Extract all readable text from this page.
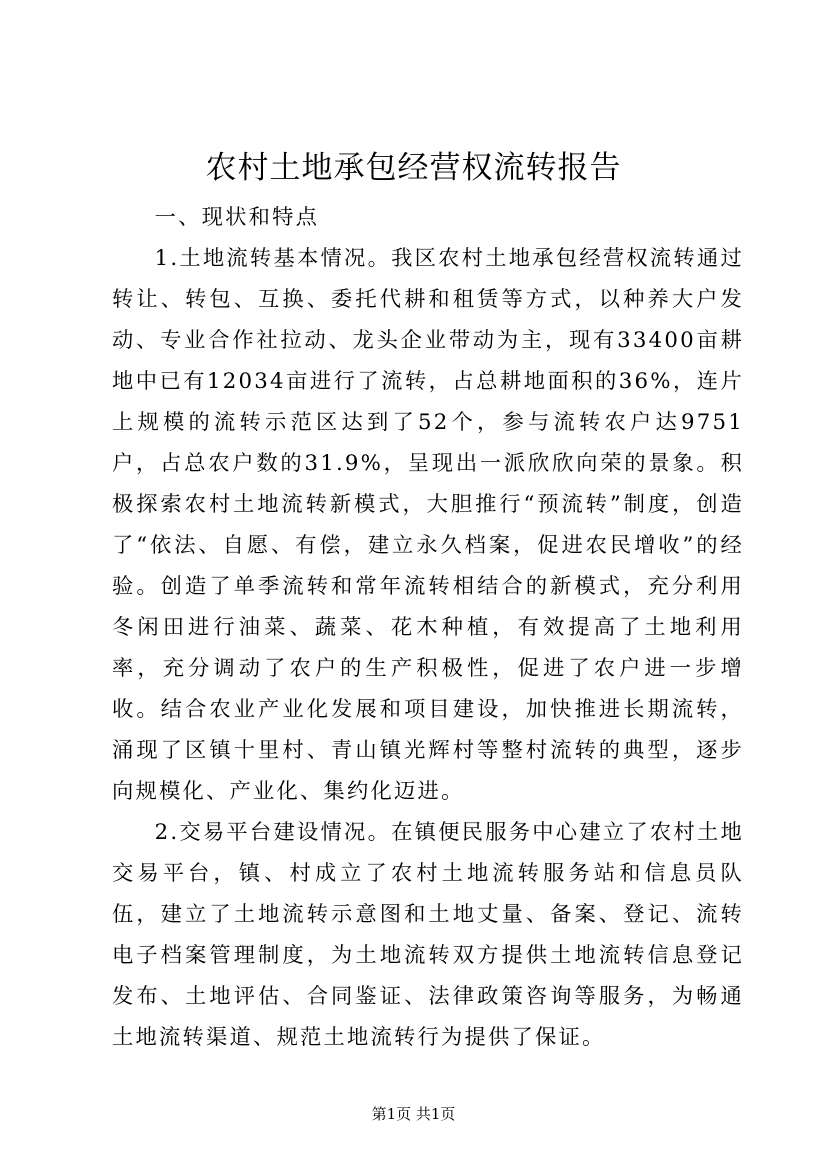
农村土地承包经营权流转报告

一、现状和特点

1.土地流转基本情况。我区农村土地承包经营权流转通过转让、转包、互换、委托代耕和租赁等方式，以种养大户发动、专业合作社拉动、龙头企业带动为主，现有33400亩耕地中已有12034亩进行了流转，占总耕地面积的36%，连片上规模的流转示范区达到了52个，参与流转农户达9751户，占总农户数的31.9%，呈现出一派欣欣向荣的景象。积极探索农村土地流转新模式，大胆推行“预流转”制度，创造了“依法、自愿、有偿，建立永久档案，促进农民增收”的经验。创造了单季流转和常年流转相结合的新模式，充分利用冬闲田进行油菜、蔬菜、花木种植，有效提高了土地利用率，充分调动了农户的生产积极性，促进了农户进一步增收。结合农业产业化发展和项目建设，加快推进长期流转，涌现了区镇十里村、青山镇光辉村等整村流转的典型，逐步向规模化、产业化、集约化迈进。

2.交易平台建设情况。在镇便民服务中心建立了农村土地交易平台，镇、村成立了农村土地流转服务站和信息员队伍，建立了土地流转示意图和土地丈量、备案、登记、流转电子档案管理制度，为土地流转双方提供土地流转信息登记发布、土地评估、合同鉴证、法律政策咨询等服务，为畅通土地流转渠道、规范土地流转行为提供了保证。

第1页 共1页
